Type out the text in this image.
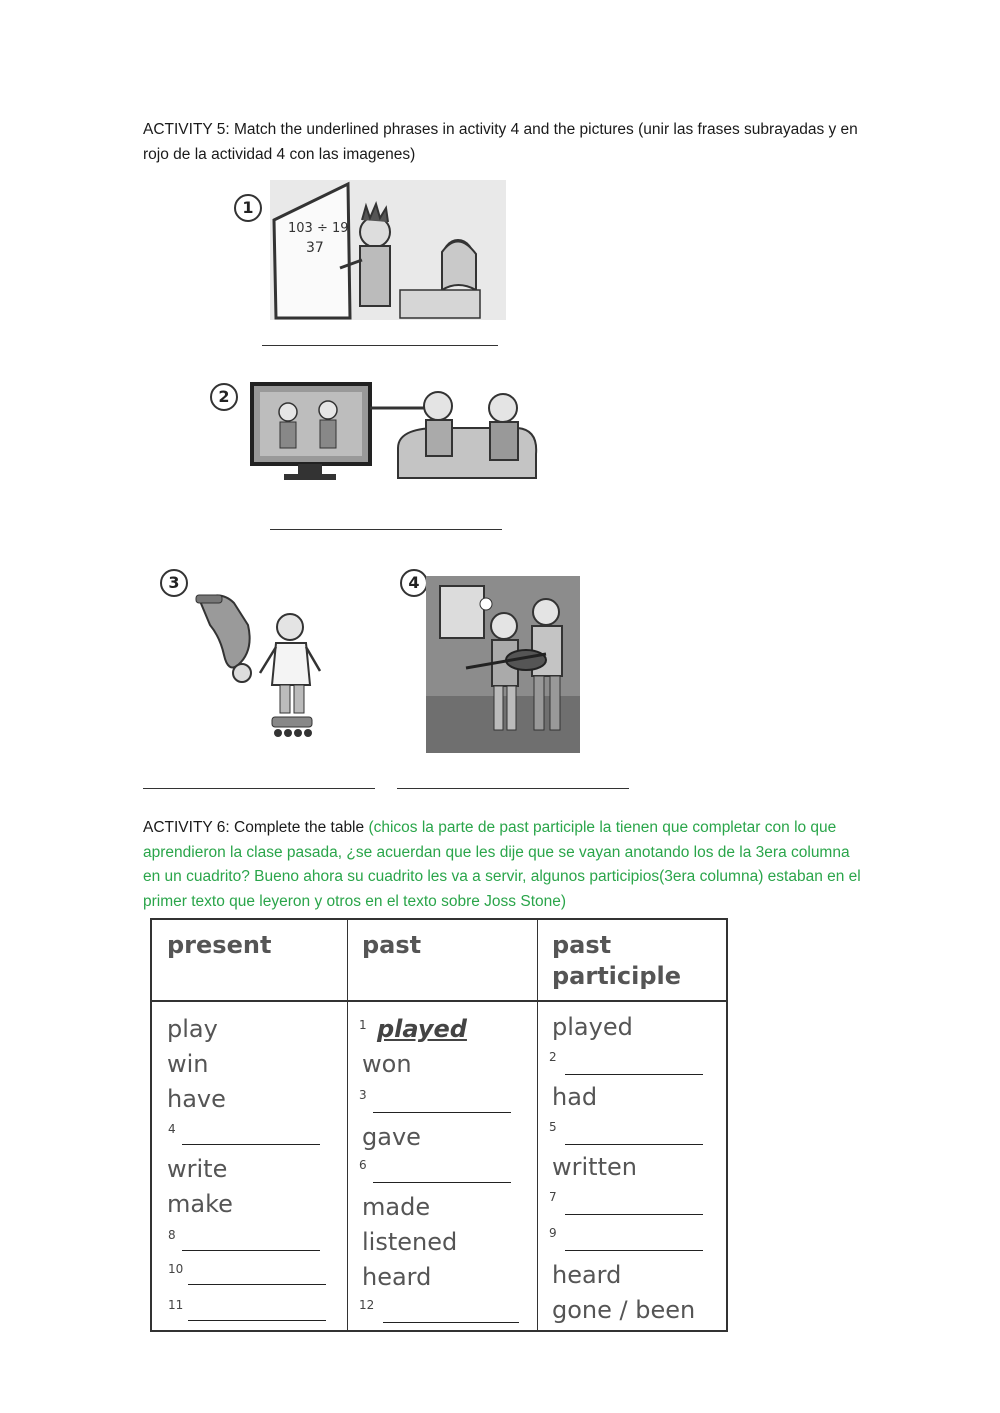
ACTIVITY 5: Match the underlined phrases in activity 4 and the pictures (unir las frases subrayadas y en rojo de la actividad 4 con las imagenes)
1
103 ÷ 19
37
2
3	4
ACTIVITY 6: Complete the table (chicos la parte de past participle la tienen que completar con lo que aprendieron la clase pasada, ¿se acuerdan que les dije que se vayan anotando los de la 3era columna en un cuadrito? Bueno ahora su cuadrito les va a servir, algunos participios(3era columna) estaban en el primer texto que leyeron y otros en el texto sobre Joss Stone)
present
play
win
have
4
write
make
8
10
11
past
1 played
won
3
gave
6
made
listened
heard
12
past
participle
played
2
had
5
written
7
9
heard
gone / been
